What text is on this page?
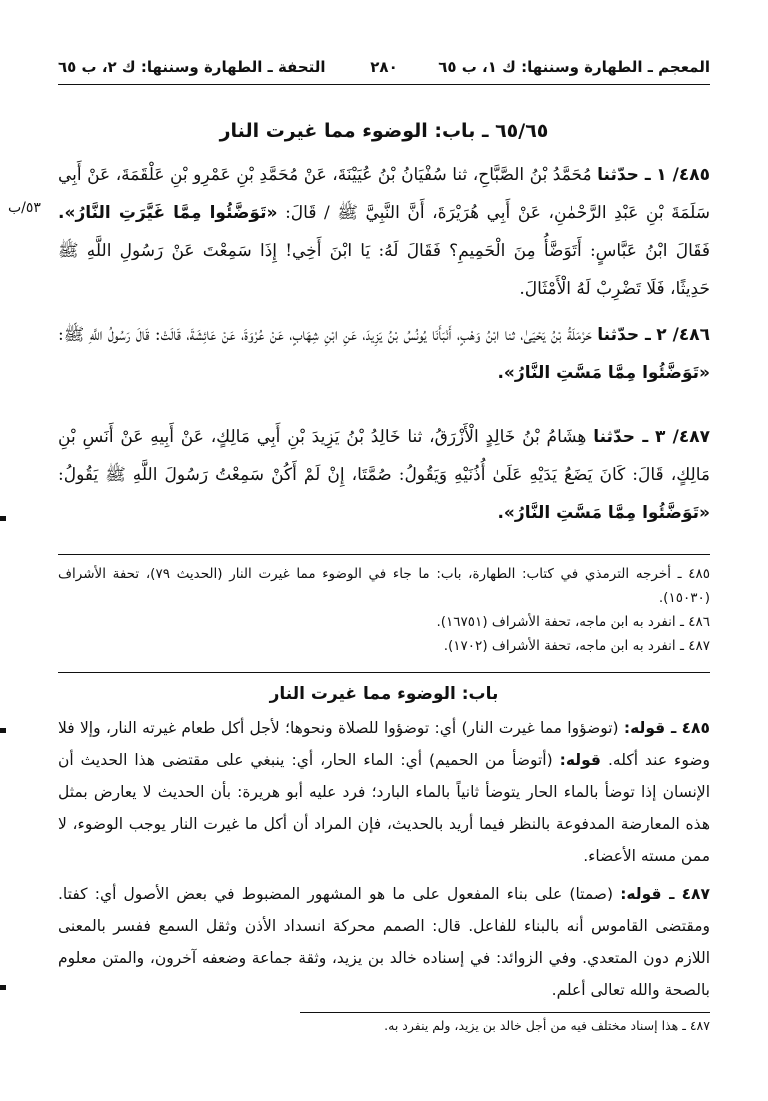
المعجم ـ الطهارة وسننها: ك ١، ب ٦٥
٢٨٠
التحفة ـ الطهارة وسننها: ك ٢، ب ٦٥
٦٥/٦٥ ـ باب: الوضوء مما غيرت النار
٤٨٥/ ١ ـ حدّثنا مُحَمَّدُ بْنُ الصَّبَّاحِ، ثنا سُفْيَانُ بْنُ عُيَيْنَةَ، عَنْ مُحَمَّدِ بْنِ عَمْرِو بْنِ عَلْقَمَةَ، عَنْ أَبِي سَلَمَةَ بْنِ عَبْدِ الرَّحْمٰنِ، عَنْ أَبِي هُرَيْرَةَ، أَنَّ النَّبِيَّ ﷺ / قَالَ: «تَوَضَّئُوا مِمَّا غَيَّرَتِ النَّارُ». فَقَالَ ابْنُ عَبَّاسٍ: أَتَوَضَّأُ مِنَ الْحَمِيمِ؟ فَقَالَ لَهُ: يَا ابْنَ أَخِي! إِذَا سَمِعْتَ عَنْ رَسُولِ اللَّهِ ﷺ حَدِيثًا، فَلَا تَضْرِبْ لَهُ الْأَمْثَالَ.
٥٣/ب
٤٨٦/ ٢ ـ حدّثنا حَرْمَلَةُ بْنُ يَحْيَىٰ، ثنا ابْنُ وَهْبٍ، أَنْبَأَنَا يُونُسُ بْنُ يَزِيدَ، عَنِ ابْنِ شِهَابٍ، عَنْ عُرْوَةَ، عَنْ عَائِشَةَ، قَالَتْ: قَالَ رَسُولُ اللَّهِ ﷺ: «تَوَضَّئُوا مِمَّا مَسَّتِ النَّارُ».
٤٨٧/ ٣ ـ حدّثنا هِشَامُ بْنُ خَالِدٍ الْأَزْرَقُ، ثنا خَالِدُ بْنُ يَزِيدَ بْنِ أَبِي مَالِكٍ، عَنْ أَبِيهِ عَنْ أَنَسِ بْنِ مَالِكٍ، قَالَ: كَانَ يَضَعُ يَدَيْهِ عَلَىٰ أُذُنَيْهِ وَيَقُولُ: صُمَّتَا، إِنْ لَمْ أَكُنْ سَمِعْتُ رَسُولَ اللَّهِ ﷺ يَقُولُ: «تَوَضَّئُوا مِمَّا مَسَّتِ النَّارُ».

٤٨٥ ـ أخرجه الترمذي في كتاب: الطهارة، باب: ما جاء في الوضوء مما غيرت النار (الحديث ٧٩)، تحفة الأشراف (١٥٠٣٠).

٤٨٦ ـ انفرد به ابن ماجه، تحفة الأشراف (١٦٧٥١).

٤٨٧ ـ انفرد به ابن ماجه، تحفة الأشراف (١٧٠٢).

باب: الوضوء مما غيرت النار

٤٨٥ ـ قوله: (توضؤوا مما غيرت النار) أي: توضؤوا للصلاة ونحوها؛ لأجل أكل طعام غيرته النار، وإلا فلا وضوء عند أكله. قوله: (أتوضأ من الحميم) أي: الماء الحار، أي: ينبغي على مقتضى هذا الحديث أن الإنسان إذا توضأ بالماء الحار يتوضأ ثانياً بالماء البارد؛ فرد عليه أبو هريرة: بأن الحديث لا يعارض بمثل هذه المعارضة المدفوعة بالنظر فيما أريد بالحديث، فإن المراد أن أكل ما غيرت النار يوجب الوضوء، لا ممن مسته الأعضاء.

٤٨٧ ـ قوله: (صمتا) على بناء المفعول على ما هو المشهور المضبوط في بعض الأصول أي: كفتا. ومقتضى القاموس أنه بالبناء للفاعل. قال: الصمم محركة انسداد الأذن وثقل السمع ففسر بالمعنى اللازم دون المتعدي. وفي الزوائد: في إسناده خالد بن يزيد، وثقة جماعة وضعفه آخرون، والمتن معلوم بالصحة والله تعالى أعلم.

٤٨٧ ـ هذا إسناد مختلف فيه من أجل خالد بن يزيد، ولم ينفرد به.
